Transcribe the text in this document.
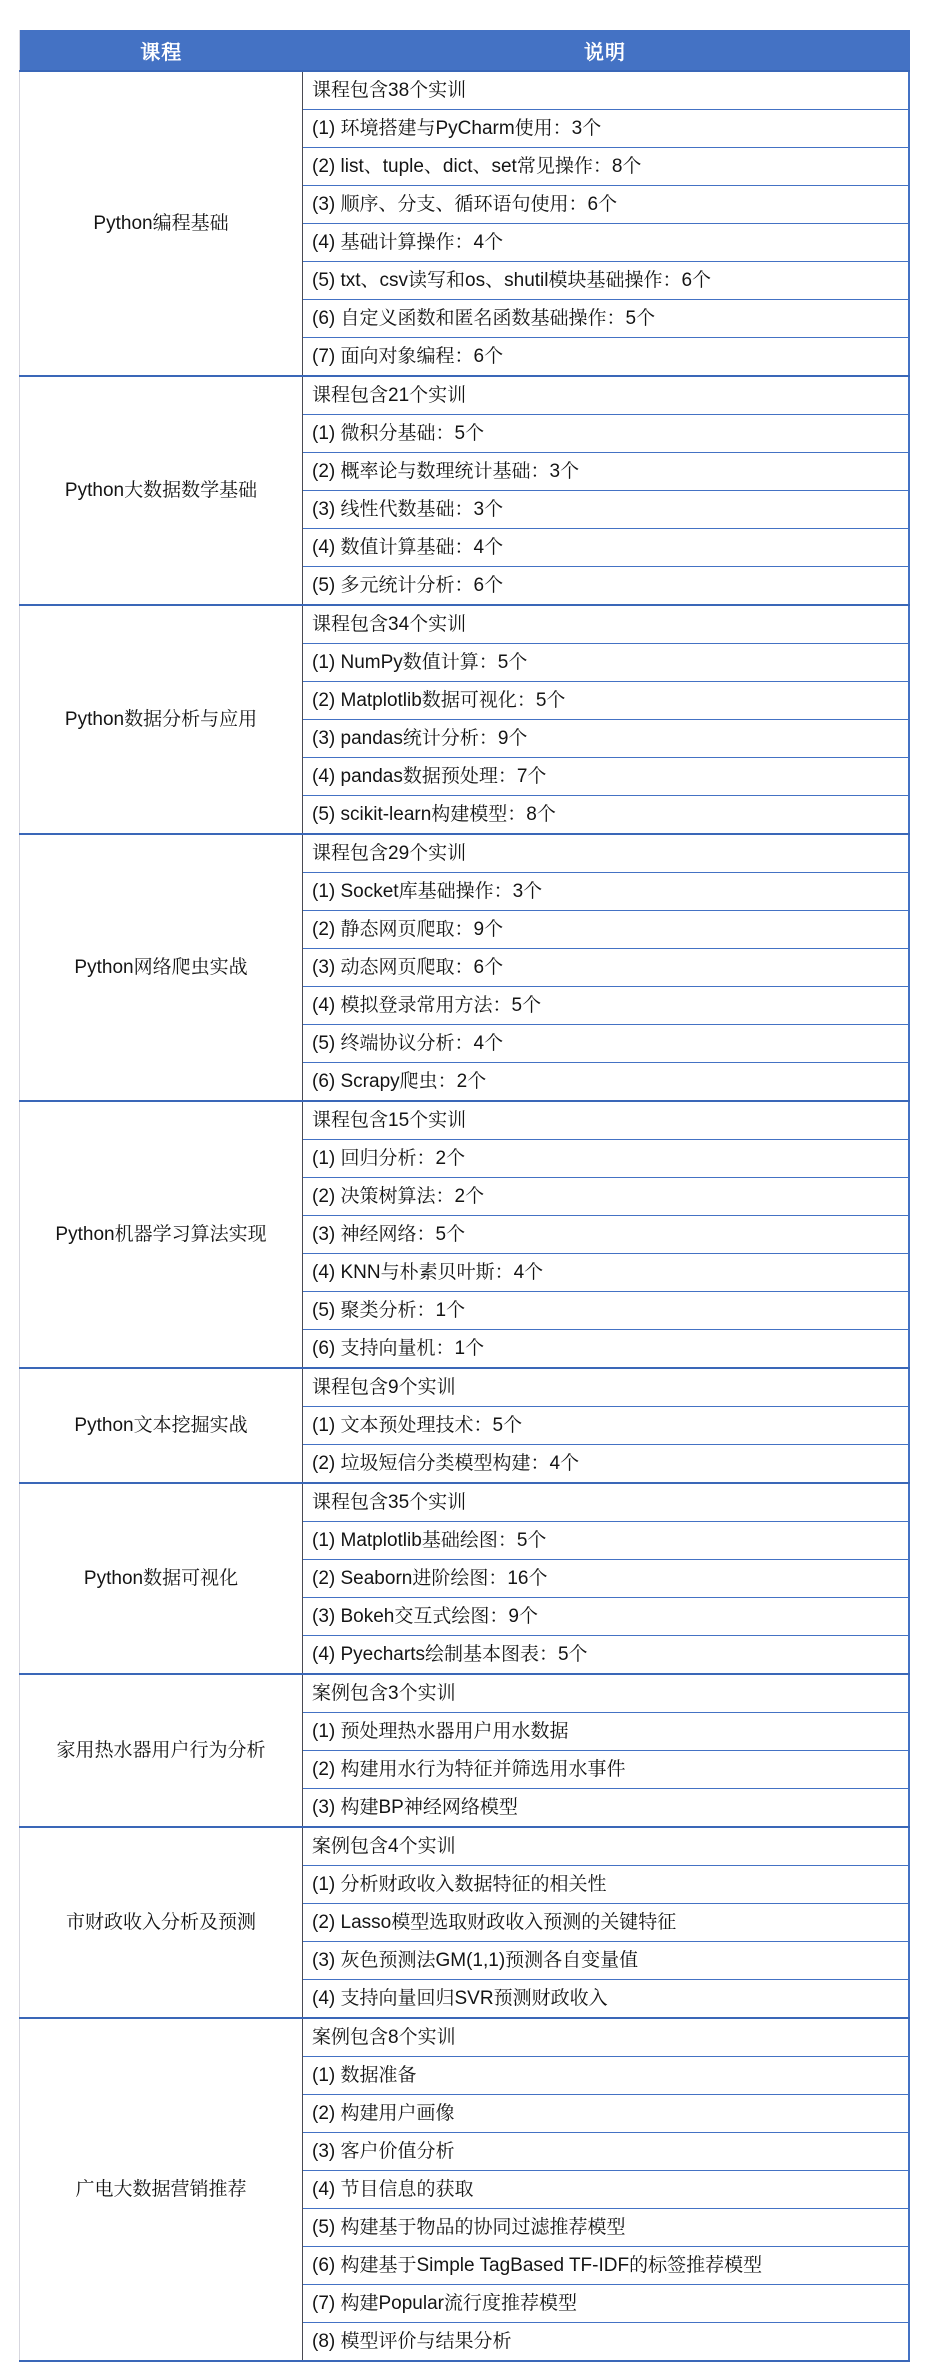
课程	说明
Python编程基础	课程包含38个实训
	(1) 环境搭建与PyCharm使用：3个
	(2) list、tuple、dict、set常见操作：8个
	(3) 顺序、分支、循环语句使用：6个
	(4) 基础计算操作：4个
	(5) txt、csv读写和os、shutil模块基础操作：6个
	(6) 自定义函数和匿名函数基础操作：5个
	(7) 面向对象编程：6个
Python大数据数学基础	课程包含21个实训
	(1) 微积分基础：5个
	(2) 概率论与数理统计基础：3个
	(3) 线性代数基础：3个
	(4) 数值计算基础：4个
	(5) 多元统计分析：6个
Python数据分析与应用	课程包含34个实训
	(1) NumPy数值计算：5个
	(2) Matplotlib数据可视化：5个
	(3) pandas统计分析：9个
	(4) pandas数据预处理：7个
	(5) scikit-learn构建模型：8个
Python网络爬虫实战	课程包含29个实训
	(1) Socket库基础操作：3个
	(2) 静态网页爬取：9个
	(3) 动态网页爬取：6个
	(4) 模拟登录常用方法：5个
	(5) 终端协议分析：4个
	(6) Scrapy爬虫：2个
Python机器学习算法实现	课程包含15个实训
	(1) 回归分析：2个
	(2) 决策树算法：2个
	(3) 神经网络：5个
	(4) KNN与朴素贝叶斯：4个
	(5) 聚类分析：1个
	(6) 支持向量机：1个
Python文本挖掘实战	课程包含9个实训
	(1) 文本预处理技术：5个
	(2) 垃圾短信分类模型构建：4个
Python数据可视化	课程包含35个实训
	(1) Matplotlib基础绘图：5个
	(2) Seaborn进阶绘图：16个
	(3) Bokeh交互式绘图：9个
	(4) Pyecharts绘制基本图表：5个
家用热水器用户行为分析	案例包含3个实训
	(1) 预处理热水器用户用水数据
	(2) 构建用水行为特征并筛选用水事件
	(3) 构建BP神经网络模型
市财政收入分析及预测	案例包含4个实训
	(1) 分析财政收入数据特征的相关性
	(2) Lasso模型选取财政收入预测的关键特征
	(3) 灰色预测法GM(1,1)预测各自变量值
	(4) 支持向量回归SVR预测财政收入
广电大数据营销推荐	案例包含8个实训
	(1) 数据准备
	(2) 构建用户画像
	(3) 客户价值分析
	(4) 节目信息的获取
	(5) 构建基于物品的协同过滤推荐模型
	(6) 构建基于Simple TagBased TF-IDF的标签推荐模型
	(7) 构建Popular流行度推荐模型
	(8) 模型评价与结果分析
